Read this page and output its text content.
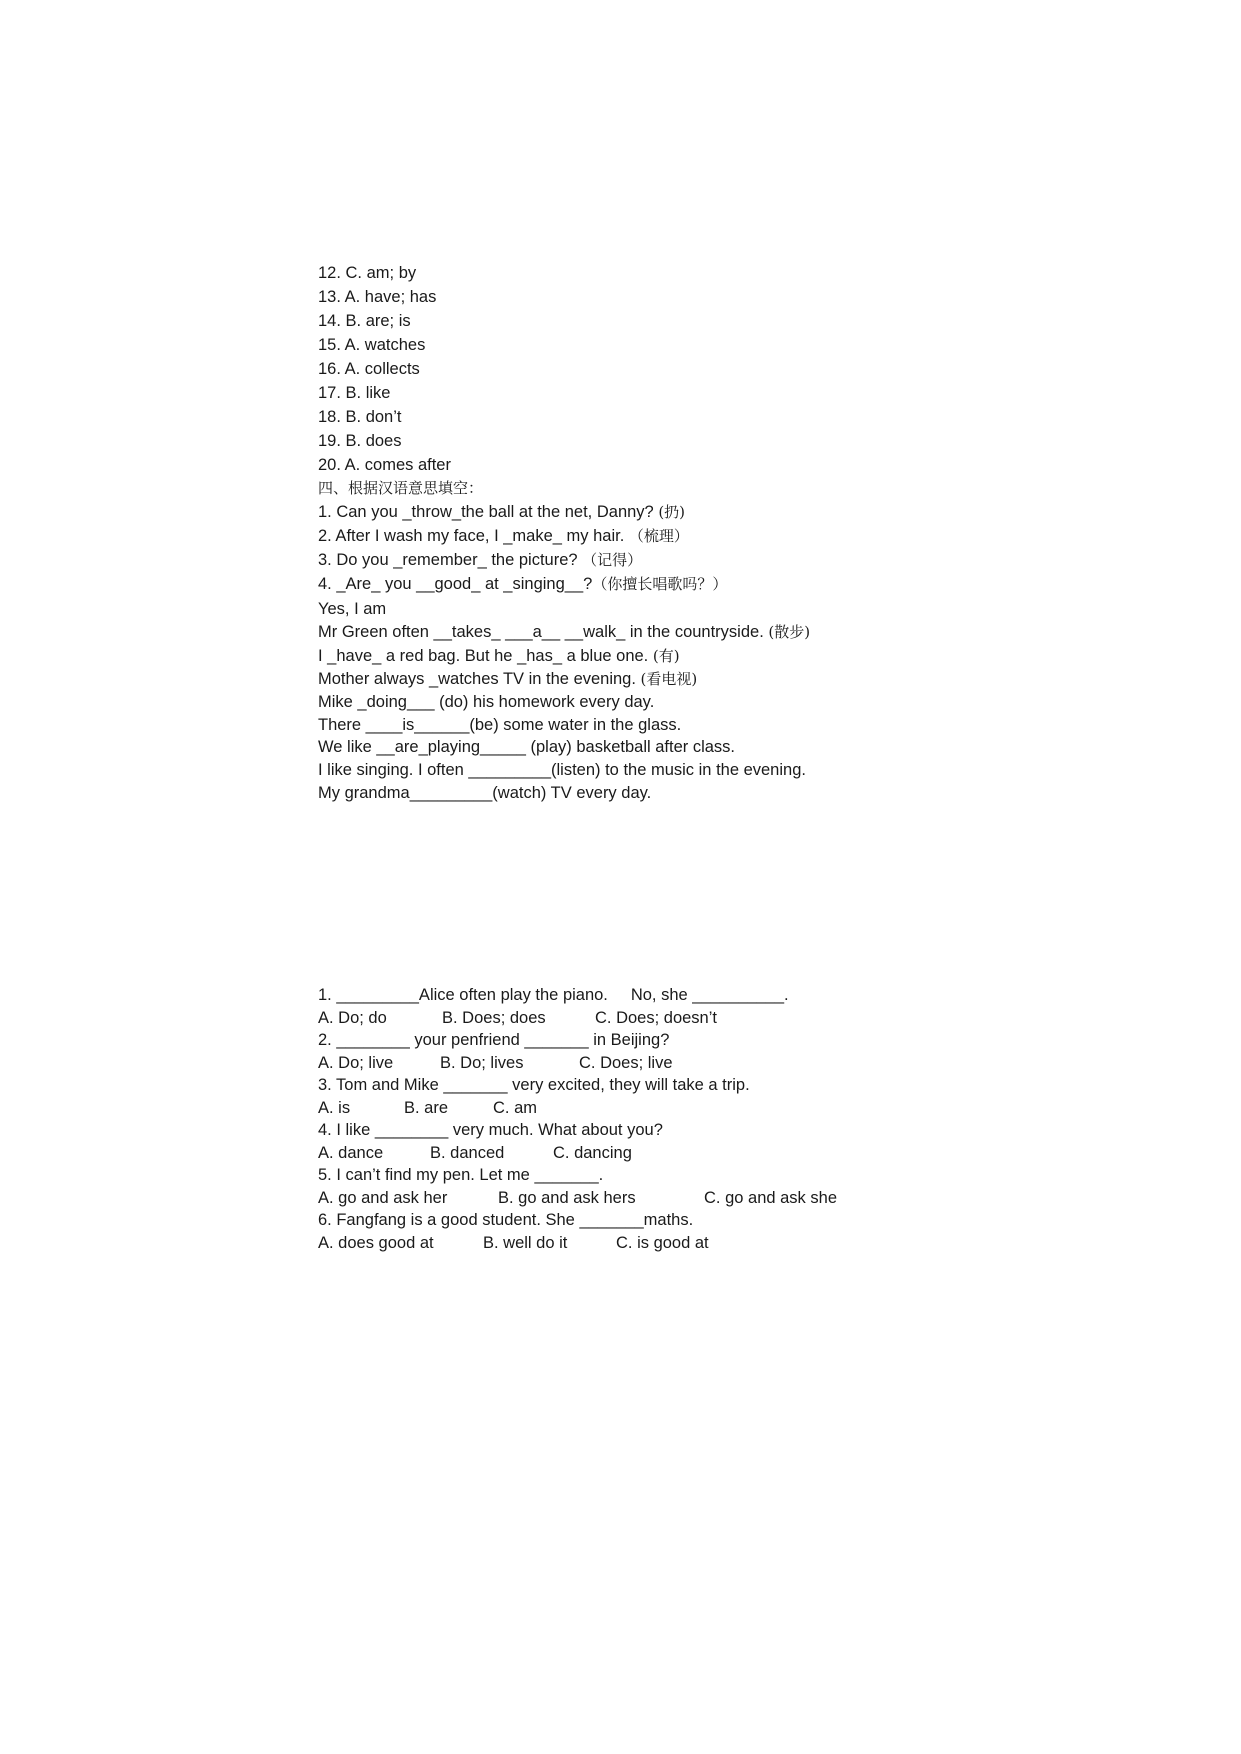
12. C. am; by

13. A. have; has

14. B. are; is

15. A. watches

16. A. collects

17. B. like

18. B. don’t

19. B. does

20. A. comes after

四、根据汉语意思填空：

1. Can you _throw_the ball at the net, Danny? (扔)

2. After I wash my face, I _make_ my hair. （梳理）

3. Do you _remember_ the picture? （记得）

4. _Are_ you __good_ at _singing__?（你擅长唱歌吗？）

Yes, I am

Mr Green often __takes_ ___a__ __walk_ in the countryside. (散步)

I _have_ a red bag. But he _has_ a blue one. (有)

Mother always _watches TV in the evening. (看电视)

Mike _doing___ (do) his homework every day.

There ____is______(be) some water in the glass.

We like __are_playing_____ (play) basketball after class.

I like singing. I often _________(listen) to the music in the evening.

My grandma_________(watch) TV every day.

1. _________Alice often play the piano.     No, she __________.

A. Do; do	B. Does; does	C. Does; doesn’t

2. ________ your penfriend _______ in Beijing?

A. Do; live	B. Do; lives	C. Does; live

3. Tom and Mike _______ very excited, they will take a trip.

A. is	B. are	C. am

4. I like ________ very much. What about you?

A. dance	B. danced	C. dancing

5. I can’t find my pen. Let me _______.

A. go and ask her	B. go and ask hers	C. go and ask she

6. Fangfang is a good student. She _______maths.

A. does good at	B. well do it	C. is good at
